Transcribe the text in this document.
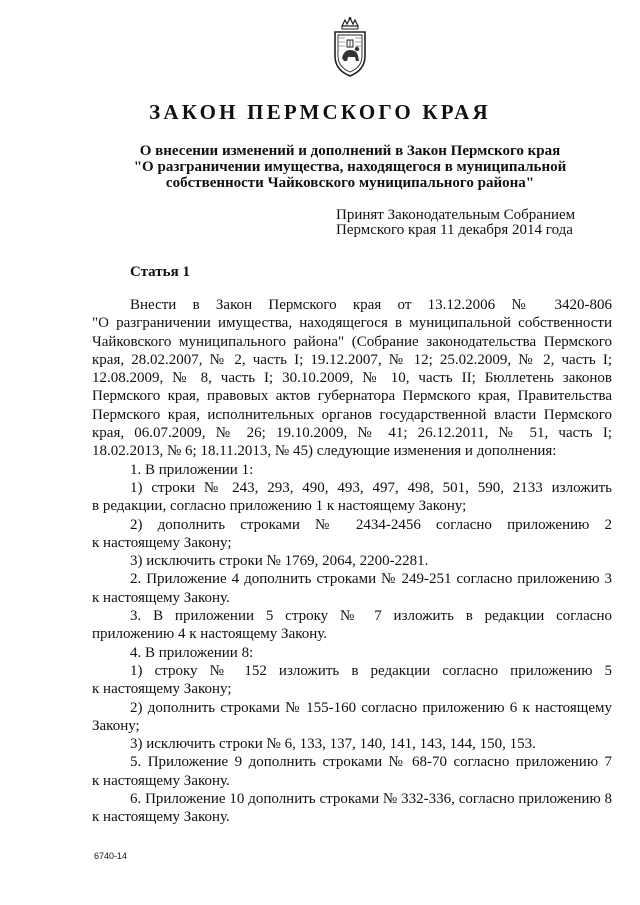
ЗАКОН ПЕРМСКОГО КРАЯ
О внесении изменений и дополнений в Закон Пермского края
"О разграничении имущества, находящегося в муниципальной
собственности Чайковского муниципального района"
Принят Законодательным Собранием
Пермского края 11 декабря 2014 года
Статья 1
Внести в Закон Пермского края от 13.12.2006 № 3420-806
"О разграничении имущества, находящегося в муниципальной собственности
Чайковского муниципального района" (Собрание законодательства Пермского
края, 28.02.2007, № 2, часть I; 19.12.2007, № 12; 25.02.2009, № 2, часть I;
12.08.2009, № 8, часть I; 30.10.2009, № 10, часть II; Бюллетень законов
Пермского края, правовых актов губернатора Пермского края, Правительства
Пермского края, исполнительных органов государственной власти Пермского
края, 06.07.2009, № 26; 19.10.2009, № 41; 26.12.2011, № 51, часть I;
18.02.2013, № 6; 18.11.2013, № 45) следующие изменения и дополнения:
1. В приложении 1:
1) строки № 243, 293, 490, 493, 497, 498, 501, 590, 2133 изложить
в редакции, согласно приложению 1 к настоящему Закону;
2) дополнить строками № 2434-2456 согласно приложению 2
к настоящему Закону;
3) исключить строки № 1769, 2064, 2200-2281.
2. Приложение 4 дополнить строками № 249-251 согласно приложению 3
к настоящему Закону.
3. В приложении 5 строку № 7 изложить в редакции согласно
приложению 4 к настоящему Закону.
4. В приложении 8:
1) строку № 152 изложить в редакции согласно приложению 5
к настоящему Закону;
2) дополнить строками № 155-160 согласно приложению 6 к настоящему
Закону;
3) исключить строки № 6, 133, 137, 140, 141, 143, 144, 150, 153.
5. Приложение 9 дополнить строками № 68-70 согласно приложению 7
к настоящему Закону.
6. Приложение 10 дополнить строками № 332-336, согласно приложению 8
к настоящему Закону.
6740-14
